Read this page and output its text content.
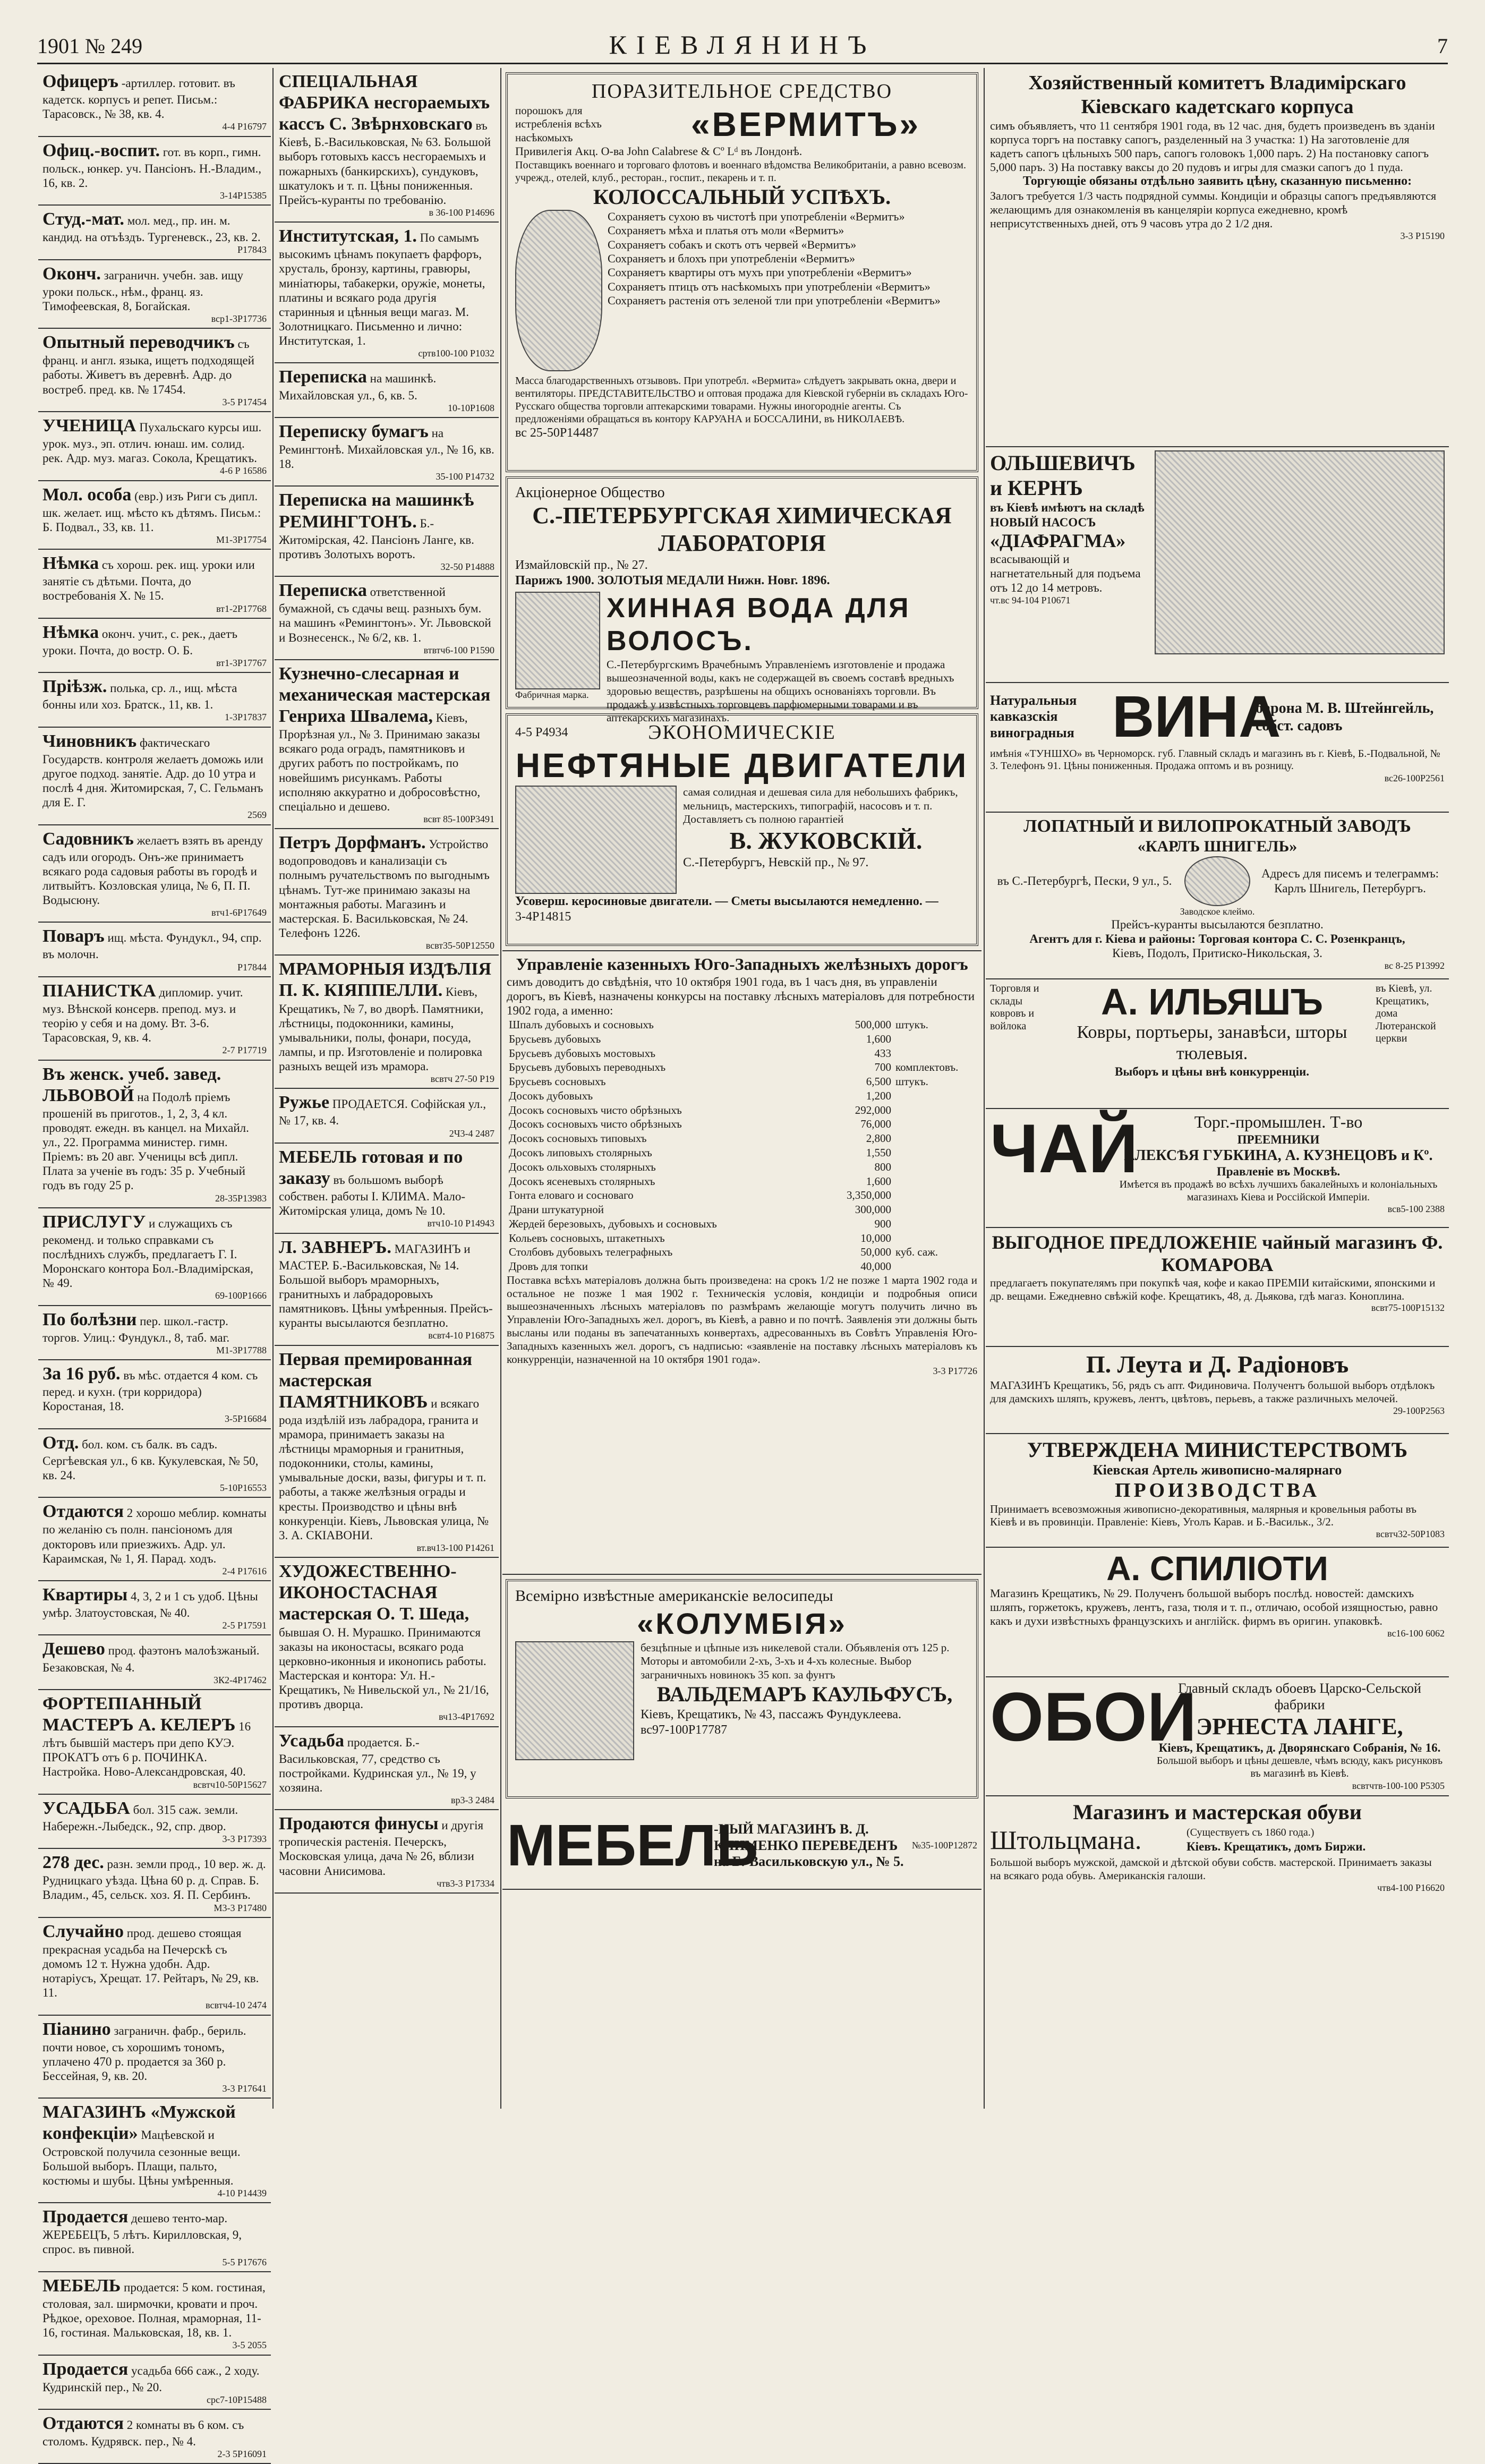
1901 № 249	КІЕВЛЯНИНЪ	7
Офицеръ -артиллер. готовит. въ кадетск. корпусъ и репет. Письм.: Тарасовск., № 38, кв. 4.
4-4 Р16797
Офиц.-воспит. гот. въ корп., гимн. польск., юнкер. уч. Пансіонъ. Н.-Владим., 16, кв. 2.
3-14Р15385
Студ.-мат. мол. мед., пр. ин. м. кандид. на отъѣздъ. Тургеневск., 23, кв. 2.
Р17843
Оконч. заграничн. учебн. зав. ищу уроки польск., нѣм., франц. яз. Тимофеевская, 8, Богайская.
вср1-3Р17736
Опытный переводчикъ съ франц. и англ. языка, ищетъ подходящей работы. Живетъ въ деревнѣ. Адр. до востреб. пред. кв. № 17454.
3-5 Р17454
УЧЕНИЦА Пухальскаго курсы иш. урок. муз., эп. отлич. юнаш. им. солид. рек. Адр. муз. магаз. Сокола, Крещатикъ.
4-6 Р 16586
Мол. особа (евр.) изъ Риги съ дипл. шк. желает. ищ. мѣсто къ дѣтямъ. Письм.: Б. Подвал., 33, кв. 11.
М1-3Р17754
Нѣмка съ хорош. рек. ищ. уроки или занятіе съ дѣтьми. Почта, до востребованія Х. № 15.
вт1-2Р17768
Нѣмка оконч. учит., с. рек., даетъ уроки. Почта, до востр. О. Б.
вт1-3Р17767
Пріѣзж. полька, ср. л., ищ. мѣста бонны или хоз. Братск., 11, кв. 1.
1-3Р17837
Чиновникъ фактическаго Государств. контроля желаетъ доможь или другое подход. занятіе. Адр. до 10 утра и послѣ 4 дня. Житомирская, 7, С. Гельманъ для Е. Г.
2569
Садовникъ желаетъ взять въ аренду садъ или огородъ. Онъ-же принимаетъ всякаго рода садовыя работы въ городѣ и литвыйтъ. Козловская улица, № 6, П. П. Водысюну.
втч1-6Р17649
Поваръ ищ. мѣста. Фундукл., 94, спр. въ молочн.
Р17844
ПІАНИСТКА дипломир. учит. муз. Вѣнской консерв. препод. муз. и теорію у себя и на дому. Вт. 3-6. Тарасовская, 9, кв. 4.
2-7 Р17719
Въ женск. учеб. завед. ЛЬВОВОЙ на Подолѣ пріемъ прошеній въ приготов., 1, 2, 3, 4 кл. проводят. ежедн. въ канцел. на Михайл. ул., 22. Программа министер. гимн. Пріемъ: въ 20 авг. Ученицы всѣ дипл. Плата за ученіе въ годъ: 35 р. Учебный годъ въ году 25 р.
28-35Р13983
ПРИСЛУГУ и служащихъ съ рекоменд. и только справками съ послѣднихъ службъ, предлагаетъ Г. І. Моронскаго контора Бол.-Владимірская, № 49.
69-100Р1666
По болѣзни пер. школ.-гастр. торгов. Улиц.: Фундукл., 8, таб. маг.
М1-3Р17788
За 16 руб. въ мѣс. отдается 4 ком. съ перед. и кухн. (три корридора) Коростаная, 18.
3-5Р16684
Отд. бол. ком. съ балк. въ садъ. Сергѣевская ул., 6 кв. Кукулевская, № 50, кв. 24.
5-10Р16553
Отдаются 2 хорошо меблир. комнаты по желанію съ полн. пансіономъ для докторовъ или приезжихъ. Адр. ул. Караимская, № 1, Я. Парад. ходъ.
2-4 Р17616
Квартиры 4, 3, 2 и 1 съ удоб. Цѣны умѣр. Златоустовская, № 40.
2-5 Р17591
Дешево прод. фаэтонъ малоѣзжаный. Безаковская, № 4.
3К2-4Р17462
ФОРТЕПІАННЫЙ МАСТЕРЪ А. КЕЛЕРЪ 16 лѣтъ бывшій мастеръ при депо КУЭ. ПРОКАТЪ отъ 6 р. ПОЧИНКА. Настройка. Ново-Александровская, 40.
всвтч10-50Р15627
УСАДЬБА бол. 315 саж. земли. Набережн.-Лыбедск., 92, спр. двор.
3-3 Р17393
278 дес. разн. земли прод., 10 вер. ж. д. Рудницкаго уѣзда. Цѣна 60 р. д. Справ. Б. Владим., 45, сельск. хоз. Я. П. Сербинъ.
М3-3 Р17480
Случайно прод. дешево стоящая прекрасная усадьба на Печерскѣ съ домомъ 12 т. Нужна удобн. Адр. нотаріусъ, Хрещат. 17. Рейтаръ, № 29, кв. 11.
всвтч4-10 2474
Піанино заграничн. фабр., бериль. почти новое, съ хорошимъ тономъ, уплачено 470 р. продается за 360 р. Бессейная, 9, кв. 20.
3-3 Р17641
МАГАЗИНЪ «Мужской конфекціи» Мацѣевской и Островской получила сезонные вещи. Большой выборъ. Плащи, пальто, костюмы и шубы. Цѣны умѣренныя.
4-10 Р14439
Продается дешево тенто-мар. ЖЕРЕБЕЦЪ, 5 лѣтъ. Кирилловская, 9, спрос. въ пивной.
5-5 Р17676
МЕБЕЛЬ продается: 5 ком. гостиная, столовая, зал. ширмочки, кровати и проч. Рѣдкое, ореховое. Полная, мраморная, 11-16, гостиная. Мальковская, 18, кв. 1.
3-5 2055
Продается усадьба 666 саж., 2 ходу. Кудринскій пер., № 20.
срс7-10Р15488
Отдаются 2 комнаты въ 6 ком. съ столомъ. Кудрявск. пер., № 4.
2-3 5Р16091
СПЕЦІАЛЬНАЯ ФАБРИКА несгораемыхъ кассъ С. Звѣрнховскаго въ Кіевѣ, Б.-Васильковская, № 63. Большой выборъ готовыхъ кассъ несгораемыхъ и пожарныхъ (банкирскихъ), сундуковъ, шкатулокъ и т. п. Цѣны пониженныя. Прейсъ-куранты по требованію.
в 36-100 Р14696
Институтская, 1. По самымъ высокимъ цѣнамъ покупаетъ фарфоръ, хрусталь, бронзу, картины, гравюры, миніатюры, табакерки, оружіе, монеты, платины и всякаго рода другія старинныя и цѣнныя вещи магаз. М. Золотницкаго. Письменно и лично: Институтская, 1.
сртв100-100 Р1032
Переписка на машинкѣ. Михайловская ул., 6, кв. 5.
10-10Р1608
Переписку бумагъ на Ремингтонѣ. Михайловская ул., № 16, кв. 18.
35-100 Р14732
Переписка на машинкѣ РЕМИНГТОНЪ. Б.-Житомірская, 42. Пансіонъ Ланге, кв. противъ Золотыхъ воротъ.
32-50 Р14888
Переписка ответственной бумажной, съ сдачы вещ. разныхъ бум. на машинъ «Ремингтонъ». Уг. Львовской и Вознесенск., № 6/2, кв. 1.
втвтч6-100 Р1590
Кузнечно-слесарная и механическая мастерская Генриха Швалема, Кіевъ, Прорѣзная ул., № 3. Принимаю заказы всякаго рода оградъ, памятниковъ и других работъ по постройкамъ, по новейшимъ рисункамъ. Работы исполняю аккуратно и добросовѣстно, спеціально и дешево.
всвт 85-100Р3491
Петръ Дорфманъ. Устройство водопроводовъ и канализаціи съ полнымъ ручательствомъ по выгоднымъ цѣнамъ. Тут-же принимаю заказы на монтажныя работы. Магазинъ и мастерская. Б. Васильковская, № 24. Телефонъ 1226.
всвт35-50Р12550
МРАМОРНЫЯ ИЗДѢЛІЯ П. К. КІЯППЕЛЛИ. Кіевъ, Крещатикъ, № 7, во дворѣ. Памятники, лѣстницы, подоконники, камины, умывальники, полы, фонари, посуда, лампы, и пр. Изготовленіе и полировка разныхъ вещей изъ мрамора.
всвтч 27-50 Р19
Ружье ПРОДАЕТСЯ. Софійская ул., № 17, кв. 4.
2Ч3-4 2487
МЕБЕЛЬ готовая и по заказу въ большомъ выборѣ собствен. работы І. КЛИМА. Мало-Житомірская улица, домъ № 10.
втч10-10 Р14943
Л. ЗАВНЕРЪ. МАГАЗИНЪ и МАСТЕР. Б.-Васильковская, № 14. Большой выборъ мраморныхъ, гранитныхъ и лабрадоровыхъ памятниковъ. Цѣны умѣренныя. Прейсъ-куранты высылаются безплатно.
всвт4-10 Р16875
Первая премированная мастерская ПАМЯТНИКОВЪ и всякаго рода издѣлій изъ лабрадора, гранита и мрамора, принимаетъ заказы на лѣстницы мраморныя и гранитныя, подоконники, столы, камины, умывальные доски, вазы, фигуры и т. п. работы, а также желѣзныя ограды и кресты. Производство и цѣны внѣ конкуренціи. Кіевъ, Львовская улица, № 3. А. СКІАВОНИ.
вт.вч13-100 Р14261
ХУДОЖЕСТВЕННО-ИКОНОСТАСНАЯ мастерская О. Т. Шеда, бывшая О. Н. Мурашко. Принимаются заказы на иконостасы, всякаго рода церковно-иконныя и иконопись работы. Мастерская и контора: Ул. Н.-Крещатикъ, № Нивельской ул., № 21/16, противъ дворца.
вч13-4Р17692
Усадьба продается. Б.-Васильковская, 77, средство съ постройками. Кудринская ул., № 19, у хозяина.
вр3-3 2484
Продаются финусы и другія тропическія растенія. Печерскъ, Московская улица, дача № 26, вблизи часовни Анисимова.
чтв3-3 Р17334
ПОРАЗИТЕЛЬНОЕ СРЕДСТВО
порошокъ для истребленія всѣхъ насѣкомыхъ	«ВЕРМИТЪ»
Привилегія Акц. О-ва John Calabrese & Cº Lᵈ въ Лондонѣ.
Поставщикъ военнаго и торговаго флотовъ и военнаго вѣдомства Великобританіи, а равно всевозм. учрежд., отелей, клуб., ресторан., госпит., пекарень и т. п.
КОЛОССАЛЬНЫЙ УСПѢХЪ.
Сохраняетъ сухою въ чистотѣ при употребленіи «Вермитъ»
Сохраняетъ мѣха и платья отъ моли «Вермитъ»
Сохраняетъ собакъ и скотъ отъ червей «Вермитъ»
Сохраняетъ и блохъ при употребленіи «Вермитъ»
Сохраняетъ квартиры отъ мухъ при употребленіи «Вермитъ»
Сохраняетъ птицъ отъ насѣкомыхъ при употребленіи «Вермитъ»
Сохраняетъ растенія отъ зеленой тли при употребленіи «Вермитъ»
Масса благодарственныхъ отзывовъ. При употребл. «Вермита» слѣдуетъ закрывать окна, двери и вентиляторы. ПРЕДСТАВИТЕЛЬСТВО и оптовая продажа для Кіевской губерніи въ складахъ Юго-Русскаго общества торговли аптекарскими товарами. Нужны иногородніе агенты. Съ предложеніями обращаться въ контору КАРУАНА и БОССАЛИНИ, въ НИКОЛАЕВѢ.
вс 25-50Р14487
Акціонерное Общество
С.-ПЕТЕРБУРГСКАЯ ХИМИЧЕСКАЯ ЛАБОРАТОРІЯ
Измайловскій пр., № 27.
Парижъ 1900. ЗОЛОТЫЯ МЕДАЛИ Нижн. Новг. 1896.
Фабричная марка.
ХИННАЯ ВОДА ДЛЯ ВОЛОСЪ.
С.-Петербургскимъ Врачебнымъ Управленіемъ изготовленіе и продажа вышеозначенной воды, какъ не содержащей въ своемъ составѣ вредныхъ здоровью веществъ, разрѣшены на общихъ основаніяхъ торговли. Въ продажѣ у извѣстныхъ торговцевъ парфюмерными товарами и въ аптекарскихъ магазинахъ.
4-5 Р4934	ЭКОНОМИЧЕСКІЕ
НЕФТЯНЫЕ ДВИГАТЕЛИ
самая солидная и дешевая сила для небольшихъ фабрикъ, мельницъ, мастерскихъ, типографій, насосовъ и т. п. Доставляетъ съ полною гарантіей
В. ЖУКОВСКІЙ.
С.-Петербургъ, Невскій пр., № 97.
Усоверш. керосиновые двигатели. — Сметы высылаются немедленно. —
3-4Р14815
Управленіе казенныхъ Юго-Западныхъ желѣзныхъ дорогъ
симъ доводитъ до свѣдѣнія, что 10 октября 1901 года, въ 1 часъ дня, въ управленіи дорогъ, въ Кіевѣ, назначены конкурсы на поставку лѣсныхъ матеріаловъ для потребности 1902 года, а именно:
Шпалъ дубовыхъ и сосновыхъ	500,000	штукъ.
Брусьевъ дубовыхъ	1,600	
Брусьевъ дубовыхъ мостовыхъ	433	
Брусьевъ дубовыхъ переводныхъ	700	комплектовъ.
Брусьевъ сосновыхъ	6,500	штукъ.
Досокъ дубовыхъ	1,200	
Досокъ сосновыхъ чисто обрѣзныхъ	292,000	
Досокъ сосновыхъ чисто обрѣзныхъ	76,000	
Досокъ сосновыхъ типовыхъ	2,800	
Досокъ липовыхъ столярныхъ	1,550	
Досокъ ольховыхъ столярныхъ	800	
Досокъ ясеневыхъ столярныхъ	1,600	
Гонта еловаго и сосноваго	3,350,000	
Драни штукатурной	300,000	
Жердей березовыхъ, дубовыхъ и сосновыхъ	900	
Кольевъ сосновыхъ, штакетныхъ	10,000	
Столбовъ дубовыхъ телеграфныхъ	50,000	куб. саж.
Дровъ для топки	40,000	
Поставка всѣхъ матеріаловъ должна быть произведена: на срокъ 1/2 не позже 1 марта 1902 года и остальное не позже 1 мая 1902 г. Техническія условія, кондиціи и подробныя описи вышеозначенныхъ лѣсныхъ матеріаловъ по размѣрамъ желающіе могутъ получить лично въ Управленіи Юго-Западныхъ жел. дорогъ, въ Кіевѣ, а равно и по почтѣ. Заявленія эти должны быть высланы или поданы въ запечатанныхъ конвертахъ, адресованныхъ въ Совѣтъ Управленія Юго-Западныхъ казенныхъ жел. дорогъ, съ надписью: «заявленіе на поставку лѣсныхъ матеріаловъ къ конкурренціи, назначенной на 10 октября 1901 года».
3-3 Р17726
Всемірно извѣстные американскіе велосипеды
«КОЛУМБІЯ»
безцѣпные и цѣпные изъ никелевой стали. Объявленія отъ 125 р. Моторы и автомобили 2-хъ, 3-хъ и 4-хъ колесные. Выбор заграничныхъ новинокъ 35 коп. за фунтъ
ВАЛЬДЕМАРЪ КАУЛЬФУСЪ,
Кіевъ, Крещатикъ, № 43, пассажъ Фундуклеева.
вс97-100Р17787
МЕБЕЛЬ
-НЫЙ МАГАЗИНЪ В. Д. КЛИМЕНКО ПЕРЕВЕДЕНЪ на Б.-Васильковскую ул., № 5.
№35-100Р12872
Хозяйственный комитетъ Владимірскаго Кіевскаго кадетскаго корпуса
симъ объявляетъ, что 11 сентября 1901 года, въ 12 час. дня, будетъ произведенъ въ зданіи корпуса торгъ на поставку сапогъ, разделенный на 3 участка: 1) На заготовленіе для кадетъ сапогъ цѣльныхъ 500 паръ, сапогъ головокъ 1,000 паръ. 2) На постановку сапогъ 5,000 паръ. 3) На поставку ваксы до 20 пудовъ и игры для смазки сапогъ до 1 пуда.
Торгующіе обязаны отдѣльно заявить цѣну, сказанную письменно:
Залогъ требуется 1/3 часть подрядной суммы. Кондиціи и образцы сапогъ предъявляются желающимъ для ознакомленія въ канцеляріи корпуса ежедневно, кромѣ неприсутственныхъ дней, отъ 9 часовъ утра до 2 1/2 дня.
3-3 Р15190
ОЛЬШЕВИЧЪ и КЕРНЪ
въ Кіевѣ имѣютъ на складѣ НОВЫЙ НАСОСЪ
«ДІАФРАГМА»
всасывающій и нагнетательный для подъема отъ 12 до 14 метровъ.
чт.вс 94-104 Р10671
Натуральныя кавказскія виноградныя ВИНА
барона М. В. Штейнгейль, собст. садовъ
имѣнія «ТУНШХО» въ Черноморск. губ. Главный складъ и магазинъ въ г. Кіевѣ, Б.-Подвальной, № 3. Телефонъ 91. Цѣны пониженныя. Продажа оптомъ и въ розницу.
вс26-100Р2561
ЛОПАТНЫЙ И ВИЛОПРОКАТНЫЙ ЗАВОДЪ
«КАРЛЪ ШНИГЕЛЬ»
въ С.-Петербургѣ, Пески, 9 ул., 5.
Адресъ для писемъ и телеграммъ: Карлъ Шнигель, Петербургъ.
Заводское клеймо.
Прейсъ-куранты высылаются безплатно.
Агентъ для г. Кіева и районы: Торговая контора С. С. Розенкранцъ,
Кіевъ, Подолъ, Притиско-Никольская, 3.
вс 8-25 Р13992
Торговля и склады ковровъ и войлока
А. ИЛЬЯШЪ
Ковры, портьеры, занавѣси, шторы тюлевыя.
Выборъ и цѣны внѣ конкурренціи.
въ Кіевѣ, ул. Крещатикъ, дома Лютеранской церкви
ЧАЙ	Торг.-промышлен. Т-во
ПРЕЕМНИКИ
АЛЕКСѢЯ ГУБКИНА, А. КУЗНЕЦОВЪ и Кº.
Правленіе въ Москвѣ.
Имѣется въ продажѣ во всѣхъ лучшихъ бакалейныхъ и колоніальныхъ магазинахъ Кіева и Россійской Имперіи.
всв5-100 2388
ВЫГОДНОЕ ПРЕДЛОЖЕНІЕ чайный магазинъ Ф. КОМАРОВА
предлагаетъ покупателямъ при покупкѣ чая, кофе и какао ПРЕМІИ китайскими, японскими и др. вещами. Ежедневно свѣжій кофе. Крещатикъ, 48, д. Дьякова, гдѣ магаз. Коноплина.
всвт75-100Р15132
П. Леута и Д. Радіоновъ
МАГАЗИНЪ Крещатикъ, 56, рядъ съ апт. Фидиновича. Получентъ большой выборъ отдѣлокъ для дамскихъ шляпъ, кружевъ, лентъ, цвѣтовъ, перьевъ, а также различныхъ мелочей.
29-100Р2563
УТВЕРЖДЕНА МИНИСТЕРСТВОМЪ
Кіевская Артель живописно-малярнаго
ПРОИЗВОДСТВА
Принимаетъ всевозможныя живописно-декоративныя, малярныя и кровельныя работы въ Кіевѣ и въ провинціи. Правленіе: Кіевъ, Уголъ Карав. и Б.-Васильк., 3/2.
всвтч32-50Р1083
А. СПИЛІОТИ
Магазинъ Крещатикъ, № 29. Полученъ большой выборъ послѣд. новостей: дамскихъ шляпъ, горжетокъ, кружевъ, лентъ, газа, тюля и т. п., отличаю, особой изящностью, равно какъ и духи извѣстныхъ французскихъ и англійск. фирмъ въ оригин. упаковкѣ.
вс16-100 6062
ОБОИ
Главный складъ обоевъ Царско-Сельской фабрики
ЭРНЕСТА ЛАНГЕ,
Кіевъ, Крещатикъ, д. Дворянскаго Собранія, № 16.
Большой выборъ и цѣны дешевле, чѣмъ всюду, какъ рисунковъ въ магазинѣ въ Кіевѣ.
всвтчтв-100-100 Р5305
Магазинъ и мастерская обуви
Штольцмана.	(Существуетъ съ 1860 года.)
Кіевъ. Крещатикъ, домъ Биржи.
Большой выборъ мужской, дамской и дѣтской обуви собств. мастерской. Принимаетъ заказы на всякаго рода обувь. Американскія галоши.
чтв4-100 Р16620
